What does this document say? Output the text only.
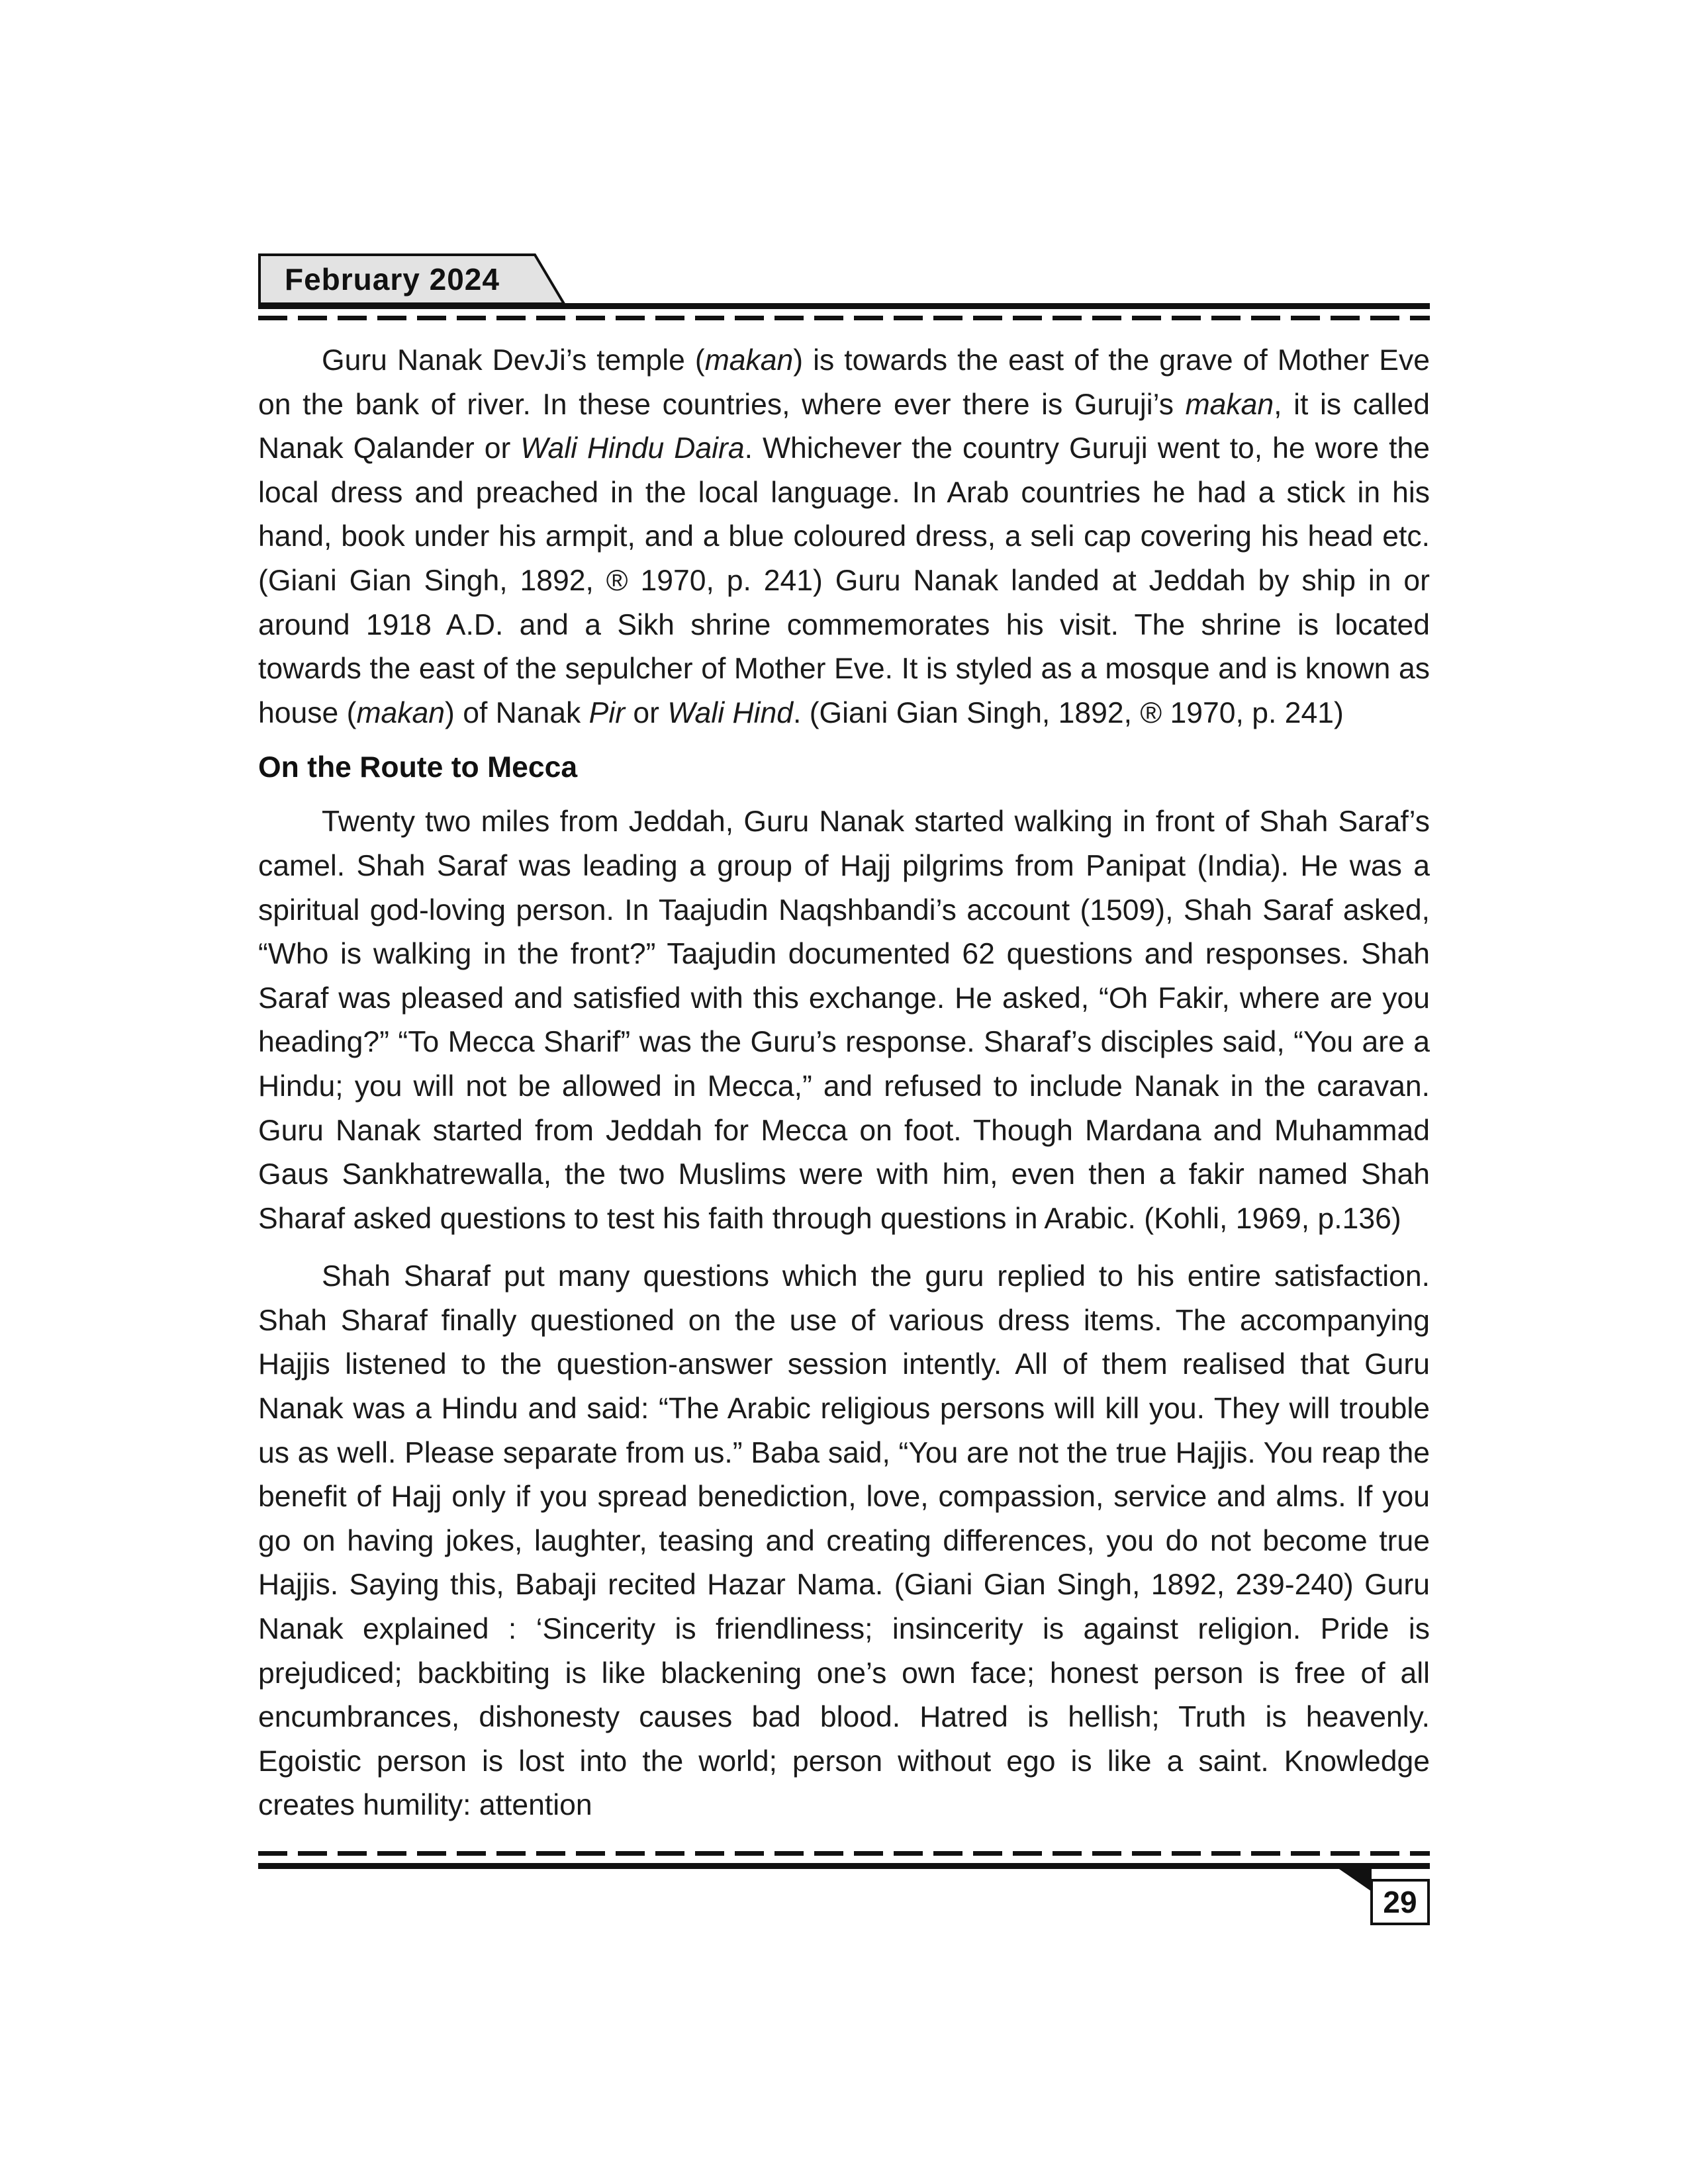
February 2024

Guru Nanak DevJi’s temple (makan) is towards the east of the grave of Mother Eve on the bank of river. In these countries, where ever there is Guruji’s makan, it is called Nanak Qalander or Wali Hindu Daira. Whichever the country Guruji went to, he wore the local dress and preached in the local language. In Arab countries he had a stick in his hand, book under his armpit, and a blue coloured dress, a seli cap covering his head etc. (Giani Gian Singh, 1892, ® 1970, p. 241) Guru Nanak landed at Jeddah by ship in or around 1918 A.D. and a Sikh shrine commemorates his visit. The shrine is located towards the east of the sepulcher of Mother Eve. It is styled as a mosque and is known as house (makan) of Nanak Pir or Wali Hind. (Giani Gian Singh, 1892, ® 1970, p. 241)

On the Route to Mecca

Twenty two miles from Jeddah, Guru Nanak started walking in front of Shah Saraf’s camel. Shah Saraf was leading a group of Hajj pilgrims from Panipat (India). He was a spiritual god-loving person. In Taajudin Naqshbandi’s account (1509), Shah Saraf asked, “Who is walking in the front?” Taajudin documented 62 questions and responses. Shah Saraf was pleased and satisfied with this exchange. He asked, “Oh Fakir, where are you heading?” “To Mecca Sharif” was the Guru’s response. Sharaf’s disciples said, “You are a Hindu; you will not be allowed in Mecca,” and refused to include Nanak in the caravan. Guru Nanak started from Jeddah for Mecca on foot. Though Mardana and Muhammad Gaus Sankhatrewalla, the two Muslims were with him, even then a fakir named Shah Sharaf asked questions to test his faith through questions in Arabic. (Kohli, 1969, p.136)

Shah Sharaf put many questions which the guru replied to his entire satisfaction. Shah Sharaf finally questioned on the use of various dress items. The accompanying Hajjis listened to the question-answer session intently. All of them realised that Guru Nanak was a Hindu and said: “The Arabic religious persons will kill you. They will trouble us as well. Please separate from us.” Baba said, “You are not the true Hajjis. You reap the benefit of Hajj only if you spread benediction, love, compassion, service and alms. If you go on having jokes, laughter, teasing and creating differences, you do not become true Hajjis. Saying this, Babaji recited Hazar Nama. (Giani Gian Singh, 1892, 239-240) Guru Nanak explained : ‘Sincerity is friendliness; insincerity is against religion. Pride is prejudiced; backbiting is like blackening one’s own face; honest person is free of all encumbrances, dishonesty causes bad blood. Hatred is hellish; Truth is heavenly. Egoistic person is lost into the world; person without ego is like a saint. Knowledge creates humility: attention

29
